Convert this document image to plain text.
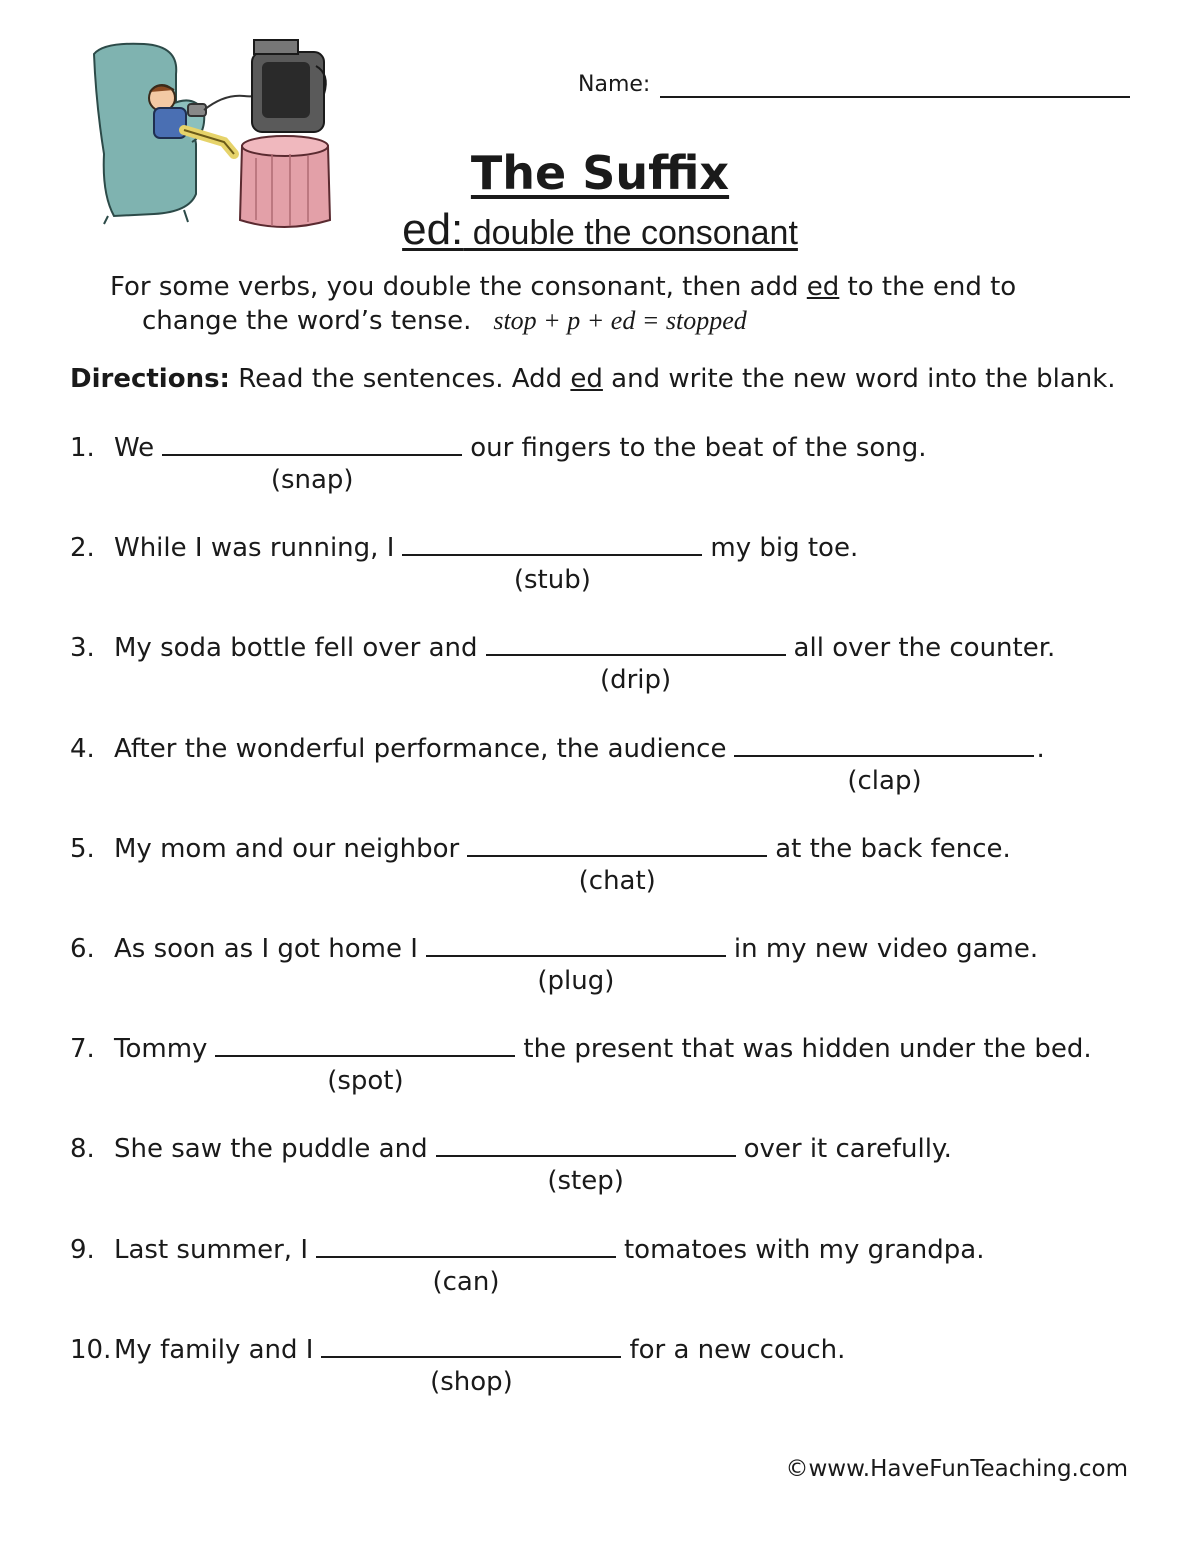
Name:
The Suffix
ed: double the consonant
For some verbs, you double the consonant, then add ed to the end to
change the word’s tense. stop + p + ed = stopped
Directions: Read the sentences. Add ed and write the new word into the blank.
1. We	our fingers to the beat of the song.
(snap)
2. While I was running, I	my big toe.
(stub)
3. My soda bottle fell over and	all over the counter.
(drip)
4. After the wonderful performance, the audience	.
(clap)
5. My mom and our neighbor	at the back fence.
(chat)
6. As soon as I got home I	in my new video game.
(plug)
7. Tommy	the present that was hidden under the bed.
(spot)
8. She saw the puddle and	over it carefully.
(step)
9. Last summer, I	tomatoes with my grandpa.
(can)
10. My family and I	for a new couch.
(shop)
©www.HaveFunTeaching.com
